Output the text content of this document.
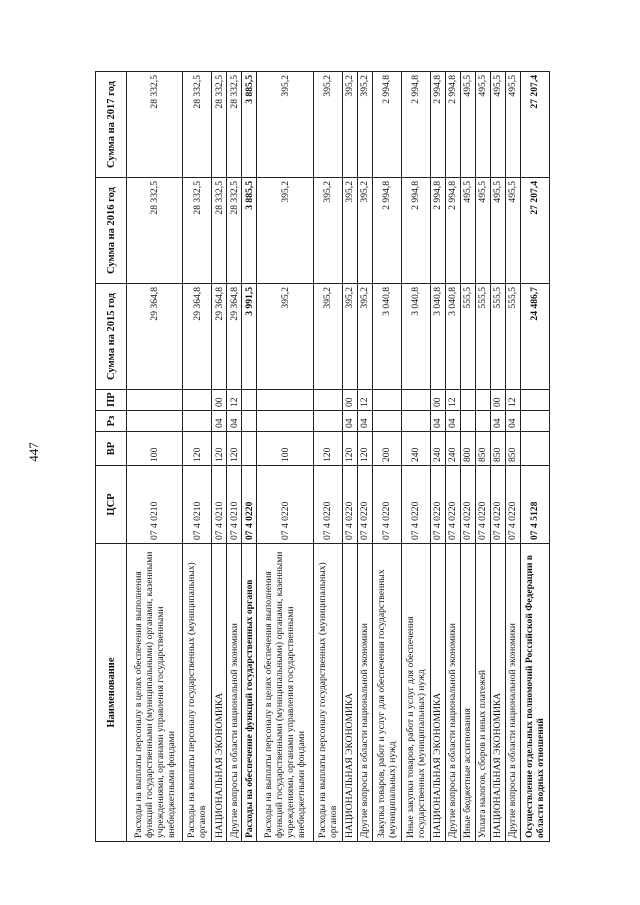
447
Наименование	ЦСР	ВР	Рз	ПР	Сумма на 2015 год	Сумма на 2016 год	Сумма на 2017 год
Расходы на выплаты персоналу в целях обеспечения выполнения функций государственными (муниципальными) органами, казенными учреждениями, органами управления государственными внебюджетными фондами	07 4 0210	100			29 364,8	28 332,5	28 332,5
Расходы на выплаты персоналу государственных (муниципальных) органов	07 4 0210	120			29 364,8	28 332,5	28 332,5
НАЦИОНАЛЬНАЯ ЭКОНОМИКА	07 4 0210	120	04	00	29 364,8	28 332,5	28 332,5
Другие вопросы в области национальной экономики	07 4 0210	120	04	12	29 364,8	28 332,5	28 332,5
Расходы на обеспечение функций государственных органов	07 4 0220				3 991,5	3 885,5	3 885,5
Расходы на выплаты персоналу в целях обеспечения выполнения функций государственными (муниципальными) органами, казенными учреждениями, органами управления государственными внебюджетными фондами	07 4 0220	100			395,2	395,2	395,2
Расходы на выплаты персоналу государственных (муниципальных) органов	07 4 0220	120			395,2	395,2	395,2
НАЦИОНАЛЬНАЯ ЭКОНОМИКА	07 4 0220	120	04	00	395,2	395,2	395,2
Другие вопросы в области национальной экономики	07 4 0220	120	04	12	395,2	395,2	395,2
Закупка товаров, работ и услуг для обеспечения государственных (муниципальных) нужд	07 4 0220	200			3 040,8	2 994,8	2 994,8
Иные закупки товаров, работ и услуг для обеспечения государственных (муниципальных) нужд	07 4 0220	240			3 040,8	2 994,8	2 994,8
НАЦИОНАЛЬНАЯ ЭКОНОМИКА	07 4 0220	240	04	00	3 040,8	2 994,8	2 994,8
Другие вопросы в области национальной экономики	07 4 0220	240	04	12	3 040,8	2 994,8	2 994,8
Иные бюджетные ассигнования	07 4 0220	800			555,5	495,5	495,5
Уплата налогов, сборов и иных платежей	07 4 0220	850			555,5	495,5	495,5
НАЦИОНАЛЬНАЯ ЭКОНОМИКА	07 4 0220	850	04	00	555,5	495,5	495,5
Другие вопросы в области национальной экономики	07 4 0220	850	04	12	555,5	495,5	495,5
Осуществление отдельных полномочий Российской Федерации в области водных отношений	07 4 5128				24 486,7	27 207,4	27 207,4
